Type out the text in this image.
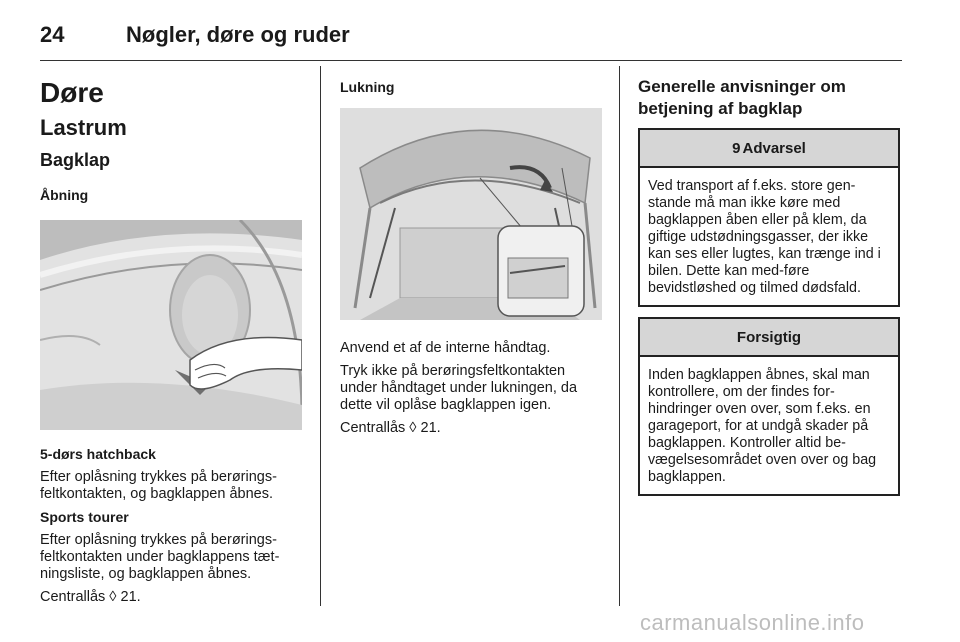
24	Nøgler, døre og ruder
Døre
Lastrum
Bagklap
Åbning
5-dørs hatchback

Efter oplåsning trykkes på berørings-feltkontakten, og bagklappen åbnes.

Sports tourer

Efter oplåsning trykkes på berørings-feltkontakten under bagklappens tæt-ningsliste, og bagklappen åbnes.

Centrallås ◊ 21.

Lukning

Anvend et af de interne håndtag.

Tryk ikke på berøringsfeltkontakten under håndtaget under lukningen, da dette vil oplåse bagklappen igen.

Centrallås ◊ 21.

Generelle anvisninger om betjening af bagklap
9 Advarsel

Ved transport af f.eks. store gen-stande må man ikke køre med bagklappen åben eller på klem, da giftige udstødningsgasser, der ikke kan ses eller lugtes, kan trænge ind i bilen. Dette kan med-føre bevidstløshed og tilmed dødsfald.

Forsigtig

Inden bagklappen åbnes, skal man kontrollere, om der findes for-hindringer oven over, som f.eks. en garageport, for at undgå skader på bagklappen. Kontroller altid be-vægelsesområdet oven over og bag bagklappen.

carmanualsonline.info
